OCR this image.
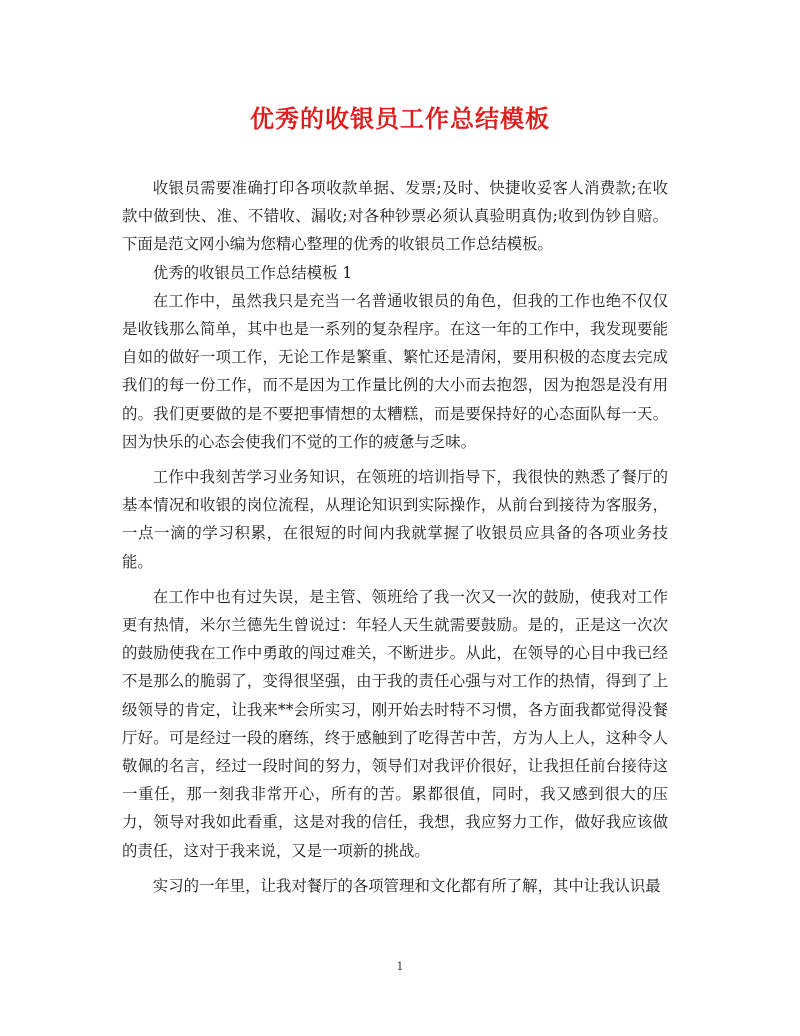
优秀的收银员工作总结模板

收银员需要准确打印各项收款单据、发票;及时、快捷收妥客人消费款;在收款中做到快、准、不错收、漏收;对各种钞票必须认真验明真伪;收到伪钞自赔。下面是范文网小编为您精心整理的优秀的收银员工作总结模板。

优秀的收银员工作总结模板 1

在工作中，虽然我只是充当一名普通收银员的角色，但我的工作也绝不仅仅是收钱那么简单，其中也是一系列的复杂程序。在这一年的工作中，我发现要能自如的做好一项工作，无论工作是繁重、繁忙还是清闲，要用积极的态度去完成我们的每一份工作，而不是因为工作量比例的大小而去抱怨，因为抱怨是没有用的。我们更要做的是不要把事情想的太糟糕，而是要保持好的心态面队每一天。因为快乐的心态会使我们不觉的工作的疲惫与乏味。

工作中我刻苦学习业务知识，在领班的培训指导下，我很快的熟悉了餐厅的基本情况和收银的岗位流程，从理论知识到实际操作，从前台到接待为客服务，一点一滴的学习积累，在很短的时间内我就掌握了收银员应具备的各项业务技能。

在工作中也有过失误，是主管、领班给了我一次又一次的鼓励，使我对工作更有热情，米尔兰德先生曾说过：年轻人天生就需要鼓励。是的，正是这一次次的鼓励使我在工作中勇敢的闯过难关，不断进步。从此，在领导的心目中我已经不是那么的脆弱了，变得很坚强，由于我的责任心强与对工作的热情，得到了上级领导的肯定，让我来**会所实习，刚开始去时特不习惯，各方面我都觉得没餐厅好。可是经过一段的磨练，终于感触到了吃得苦中苦，方为人上人，这种令人敬佩的名言，经过一段时间的努力，领导们对我评价很好，让我担任前台接待这一重任，那一刻我非常开心，所有的苦。累都很值，同时，我又感到很大的压力，领导对我如此看重，这是对我的信任，我想，我应努力工作，做好我应该做的责任，这对于我来说，又是一项新的挑战。

实习的一年里，让我对餐厅的各项管理和文化都有所了解，其中让我认识最

1
